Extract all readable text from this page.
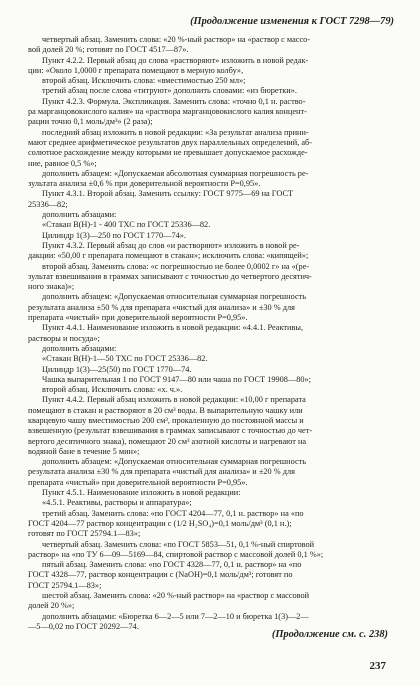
(Продолжение изменения к ГОСТ 7298—79)
четвертый абзац. Заменить слова: «20 %-ный раствор» на «раствор с массо-
вой долей 20 %; готовят по ГОСТ 4517—87».
Пункт 4.2.2. Первый абзац до слова «растворяют» изложить в новой редак-
ции: «Около 1,0000 г препарата помещают в мерную колбу»,
второй абзац. Исключить слова: «вместимостью 250 мл»;
третий абзац после слова «титруют» дополнить словами: «из бюретки».
Пункт 4.2.3. Формула. Экспликация. Заменить слова: «точно 0,1 н. раство-
ра марганцовокислого калия» на «раствора марганцовокислого калия концент-
рации точно 0,1 моль/дм³» (2 раза);
последний абзац изложить в новой редакции: «За результат анализа прини-
мают среднее арифметическое результатов двух параллельных определений, аб-
солютное расхождение между которыми не превышает допускаемое расхожде-
ние, равное 0,5 %»;
дополнить абзацем: «Допускаемая абсолютная суммарная погрешность ре-
зультата анализа ±0,6 % при доверительной вероятности P=0,95».
Пункт 4.3.1. Второй абзац. Заменить ссылку: ГОСТ 9775—69 на ГОСТ
25336—82;
дополнить абзацами:
«Стакан В(Н)-1 - 400 ТХС по ГОСТ 25336—82.
Цилиндр 1(3)—250 по ГОСТ 1770—74».
Пункт 4.3.2. Первый абзац до слов «и растворяют» изложить в новой ре-
дакции: «50,00 г препарата помещают в стакан»; исключить слова: «кипящей»;
второй абзац. Заменить слова: «с погрешностью не более 0,0002 г» на «(ре-
зультат взвешивания в граммах записывают с точностью до четвертого десятич-
ного знака)»;
дополнить абзацем: «Допускаемая относительная суммарная погрешность
результата анализа ±50 % для препарата «чистый для анализа» и ±30 % для
препарата «чистый» при доверительной вероятности P=0,95».
Пункт 4.4.1. Наименование изложить в новой редакции: «4.4.1. Реактивы,
растворы и посуда»;
дополнить абзацами:
«Стакан В(Н)-1—50 ТХС по ГОСТ 25336—82.
Цилиндр 1(3)—25(50) по ГОСТ 1770—74.
Чашка выпарительная 1 по ГОСТ 9147—80 или чаша по ГОСТ 19908—80»;
второй абзац. Исключить слова: «х. ч.».
Пункт 4.4.2. Первый абзац изложить в новой редакции: «10,00 г препарата
помещают в стакан и растворяют в 20 см³ воды. В выпарительную чашку или
кварцевую чашу вместимостью 200 см³, прокаленную до постоянной массы и
взвешенную (результат взвешивания в граммах записывают с точностью до чет-
вертого десятичного знака), помещают 20 см³ азотной кислоты и нагревают на
водяной бане в течение 5 мин»;
дополнить абзацем: «Допускаемая относительная суммарная погрешность
результата анализа ±30 % для препарата «чистый для анализа» и ±20 % для
препарата «чистый» при доверительной вероятности P=0,95».
Пункт 4.5.1. Наименование изложить в новой редакции:
«4.5.1. Реактивы, растворы и аппаратура»;
третий абзац. Заменить слова: «по ГОСТ 4204—77, 0,1 н. раствор» на «по
ГОСТ 4204—77 раствор концентрации с (1/2 H₂SO₄)=0,1 моль/дм³ (0,1 н.);
готовят по ГОСТ 25794.1—83»;
четвертый абзац. Заменить слова: «по ГОСТ 5853—51, 0,1 %-ный спиртовой
раствор» на «по ТУ 6—09—5169—84, спиртовой раствор с массовой долей 0,1 %»;
пятый абзац. Заменить слова: «по ГОСТ 4328—77, 0,1 н. раствор» на «по
ГОСТ 4328—77, раствор концентрации с (NaOH)=0,1 моль/дм³; готовят по
ГОСТ 25794.1—83»;
шестой абзац. Заменить слова: «20 %-ный раствор» на «раствор с массовой
долей 20 %»;
дополнить абзацами: «Бюретка 6—2—5 или 7—2—10 и бюретка 1(3)—2—
—5—0,02 по ГОСТ 20292—74.
(Продолжение см. с. 238)
237
